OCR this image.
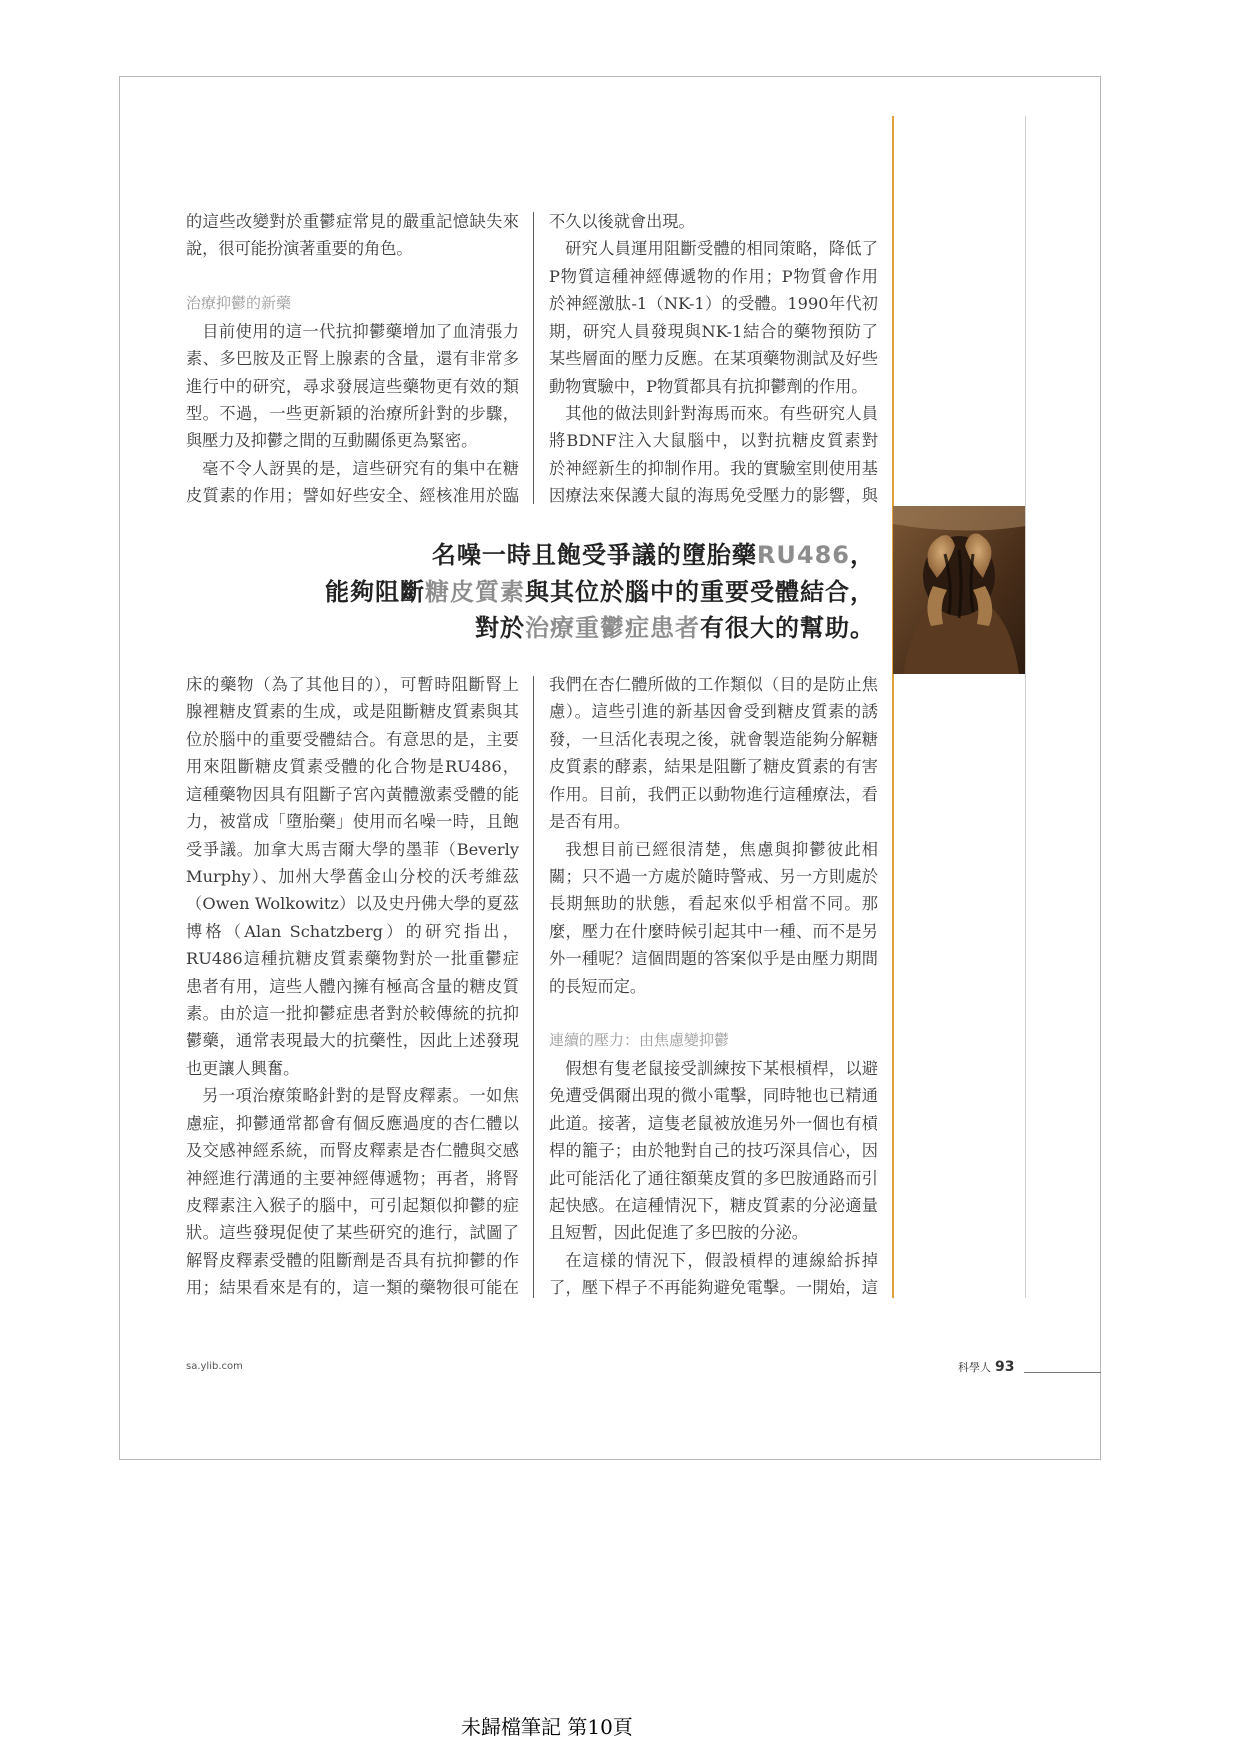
的這些改變對於重鬱症常見的嚴重記憶缺失來
說，很可能扮演著重要的角色。
治療抑鬱的新藥
目前使用的這一代抗抑鬱藥增加了血清張力
素、多巴胺及正腎上腺素的含量，還有非常多
進行中的研究，尋求發展這些藥物更有效的類
型。不過，一些更新穎的治療所針對的步驟，
與壓力及抑鬱之間的互動關係更為緊密。
毫不令人訝異的是，這些研究有的集中在糖
皮質素的作用；譬如好些安全、經核准用於臨
不久以後就會出現。
研究人員運用阻斷受體的相同策略，降低了
P物質這種神經傳遞物的作用；P物質會作用
於神經激肽-1（NK-1）的受體。1990年代初
期，研究人員發現與NK-1結合的藥物預防了
某些層面的壓力反應。在某項藥物測試及好些
動物實驗中，P物質都具有抗抑鬱劑的作用。
其他的做法則針對海馬而來。有些研究人員
將BDNF注入大鼠腦中，以對抗糖皮質素對
於神經新生的抑制作用。我的實驗室則使用基
因療法來保護大鼠的海馬免受壓力的影響，與
名噪一時且飽受爭議的墮胎藥RU486，
能夠阻斷糖皮質素與其位於腦中的重要受體結合，
對於治療重鬱症患者有很大的幫助。
床的藥物（為了其他目的），可暫時阻斷腎上
腺裡糖皮質素的生成，或是阻斷糖皮質素與其
位於腦中的重要受體結合。有意思的是，主要
用來阻斷糖皮質素受體的化合物是RU486，
這種藥物因具有阻斷子宮內黃體激素受體的能
力，被當成「墮胎藥」使用而名噪一時，且飽
受爭議。加拿大馬吉爾大學的墨菲（Beverly
Murphy）、加州大學舊金山分校的沃考維茲
（Owen Wolkowitz）以及史丹佛大學的夏茲
博格（Alan Schatzberg）的研究指出，
RU486這種抗糖皮質素藥物對於一批重鬱症
患者有用，這些人體內擁有極高含量的糖皮質
素。由於這一批抑鬱症患者對於較傳統的抗抑
鬱藥，通常表現最大的抗藥性，因此上述發現
也更讓人興奮。
另一項治療策略針對的是腎皮釋素。一如焦
慮症，抑鬱通常都會有個反應過度的杏仁體以
及交感神經系統，而腎皮釋素是杏仁體與交感
神經進行溝通的主要神經傳遞物；再者，將腎
皮釋素注入猴子的腦中，可引起類似抑鬱的症
狀。這些發現促使了某些研究的進行，試圖了
解腎皮釋素受體的阻斷劑是否具有抗抑鬱的作
用；結果看來是有的，這一類的藥物很可能在
我們在杏仁體所做的工作類似（目的是防止焦
慮）。這些引進的新基因會受到糖皮質素的誘
發，一旦活化表現之後，就會製造能夠分解糖
皮質素的酵素，結果是阻斷了糖皮質素的有害
作用。目前，我們正以動物進行這種療法，看
是否有用。
我想目前已經很清楚，焦慮與抑鬱彼此相
關；只不過一方處於隨時警戒、另一方則處於
長期無助的狀態，看起來似乎相當不同。那
麼，壓力在什麼時候引起其中一種、而不是另
外一種呢？這個問題的答案似乎是由壓力期間
的長短而定。
連續的壓力：由焦慮變抑鬱
假想有隻老鼠接受訓練按下某根槓桿，以避
免遭受偶爾出現的微小電擊，同時牠也已精通
此道。接著，這隻老鼠被放進另外一個也有槓
桿的籠子；由於牠對自己的技巧深具信心，因
此可能活化了通往額葉皮質的多巴胺通路而引
起快感。在這種情況下，糖皮質素的分泌適量
且短暫，因此促進了多巴胺的分泌。
在這樣的情況下，假設槓桿的連線給拆掉
了，壓下桿子不再能夠避免電擊。一開始，這
sa.ylib.com	科學人 93
未歸檔筆記 第10頁
